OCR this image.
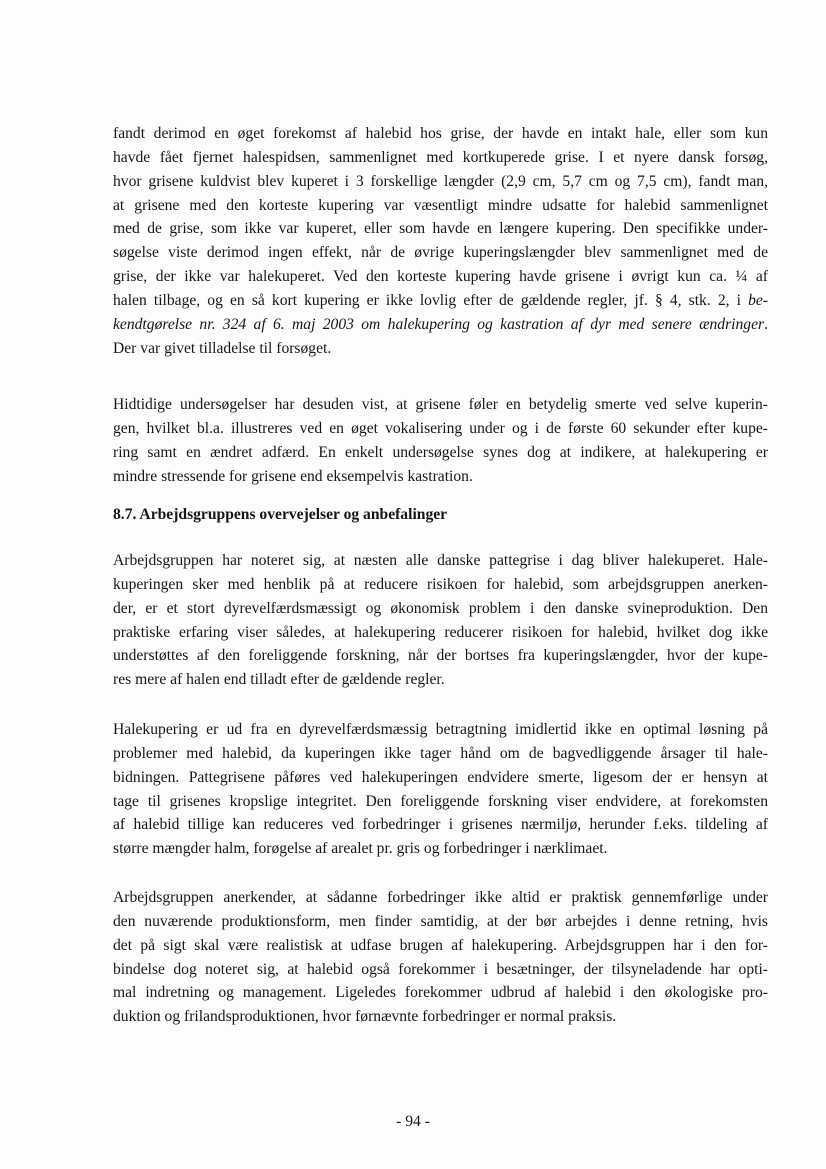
fandt derimod en øget forekomst af halebid hos grise, der havde en intakt hale, eller som kun
havde fået fjernet halespidsen, sammenlignet med kortkuperede grise. I et nyere dansk forsøg,
hvor grisene kuldvist blev kuperet i 3 forskellige længder (2,9 cm, 5,7 cm og 7,5 cm), fandt man,
at grisene med den korteste kupering var væsentligt mindre udsatte for halebid sammenlignet
med de grise, som ikke var kuperet, eller som havde en længere kupering. Den specifikke under-
søgelse viste derimod ingen effekt, når de øvrige kuperingslængder blev sammenlignet med de
grise, der ikke var halekuperet. Ved den korteste kupering havde grisene i øvrigt kun ca. ¼ af
halen tilbage, og en så kort kupering er ikke lovlig efter de gældende regler, jf. § 4, stk. 2, i be-
kendtgørelse nr. 324 af 6. maj 2003 om halekupering og kastration af dyr med senere ændringer.
Der var givet tilladelse til forsøget.
Hidtidige undersøgelser har desuden vist, at grisene føler en betydelig smerte ved selve kuperin-
gen, hvilket bl.a. illustreres ved en øget vokalisering under og i de første 60 sekunder efter kupe-
ring samt en ændret adfærd. En enkelt undersøgelse synes dog at indikere, at halekupering er
mindre stressende for grisene end eksempelvis kastration.
8.7. Arbejdsgruppens overvejelser og anbefalinger
Arbejdsgruppen har noteret sig, at næsten alle danske pattegrise i dag bliver halekuperet. Hale-
kuperingen sker med henblik på at reducere risikoen for halebid, som arbejdsgruppen anerken-
der, er et stort dyrevelfærdsmæssigt og økonomisk problem i den danske svineproduktion. Den
praktiske erfaring viser således, at halekupering reducerer risikoen for halebid, hvilket dog ikke
understøttes af den foreliggende forskning, når der bortses fra kuperingslængder, hvor der kupe-
res mere af halen end tilladt efter de gældende regler.
Halekupering er ud fra en dyrevelfærdsmæssig betragtning imidlertid ikke en optimal løsning på
problemer med halebid, da kuperingen ikke tager hånd om de bagvedliggende årsager til hale-
bidningen. Pattegrisene påføres ved halekuperingen endvidere smerte, ligesom der er hensyn at
tage til grisenes kropslige integritet. Den foreliggende forskning viser endvidere, at forekomsten
af halebid tillige kan reduceres ved forbedringer i grisenes nærmiljø, herunder f.eks. tildeling af
større mængder halm, forøgelse af arealet pr. gris og forbedringer i nærklimaet.
Arbejdsgruppen anerkender, at sådanne forbedringer ikke altid er praktisk gennemførlige under
den nuværende produktionsform, men finder samtidig, at der bør arbejdes i denne retning, hvis
det på sigt skal være realistisk at udfase brugen af halekupering. Arbejdsgruppen har i den for-
bindelse dog noteret sig, at halebid også forekommer i besætninger, der tilsyneladende har opti-
mal indretning og management. Ligeledes forekommer udbrud af halebid i den økologiske pro-
duktion og frilandsproduktionen, hvor førnævnte forbedringer er normal praksis.
- 94 -
